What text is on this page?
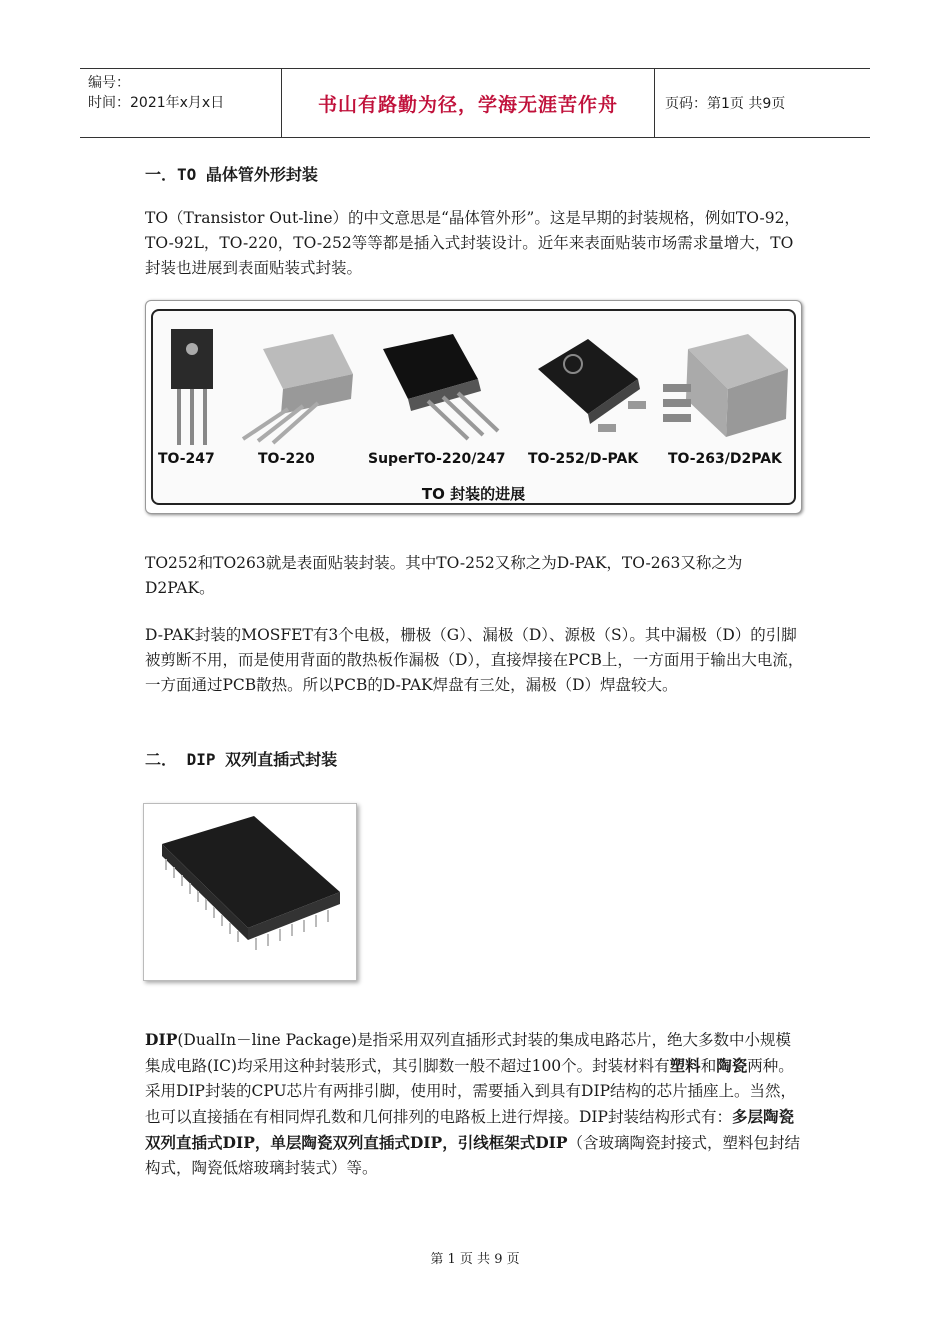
编号：
时间：2021年x月x日	书山有路勤为径，学海无涯苦作舟	页码：第1页 共9页
一．TO 晶体管外形封装

TO（Transistor Out-line）的中文意思是“晶体管外形”。这是早期的封装规格，例如TO-92，TO-92L，TO-220，TO-252等等都是插入式封装设计。近年来表面贴装市场需求量增大，TO封装也进展到表面贴装式封装。

TO-247	TO-220	SuperTO-220/247 TO-252/D-PAK TO-263/D2PAK
TO 封装的进展

TO252和TO263就是表面贴装封装。其中TO-252又称之为D-PAK，TO-263又称之为D2PAK。

D-PAK封装的MOSFET有3个电极，栅极（G）、漏极（D）、源极（S）。其中漏极（D）的引脚被剪断不用，而是使用背面的散热板作漏极（D），直接焊接在PCB上，一方面用于输出大电流，一方面通过PCB散热。所以PCB的D-PAK焊盘有三处，漏极（D）焊盘较大。

二． DIP 双列直插式封装

DIP(DualIn－line Package)是指采用双列直插形式封装的集成电路芯片，绝大多数中小规模集成电路(IC)均采用这种封装形式，其引脚数一般不超过100个。封装材料有塑料和陶瓷两种。采用DIP封装的CPU芯片有两排引脚，使用时，需要插入到具有DIP结构的芯片插座上。当然，也可以直接插在有相同焊孔数和几何排列的电路板上进行焊接。DIP封装结构形式有：多层陶瓷双列直插式DIP，单层陶瓷双列直插式DIP，引线框架式DIP（含玻璃陶瓷封接式，塑料包封结构式，陶瓷低熔玻璃封装式）等。

第 1 页 共 9 页
